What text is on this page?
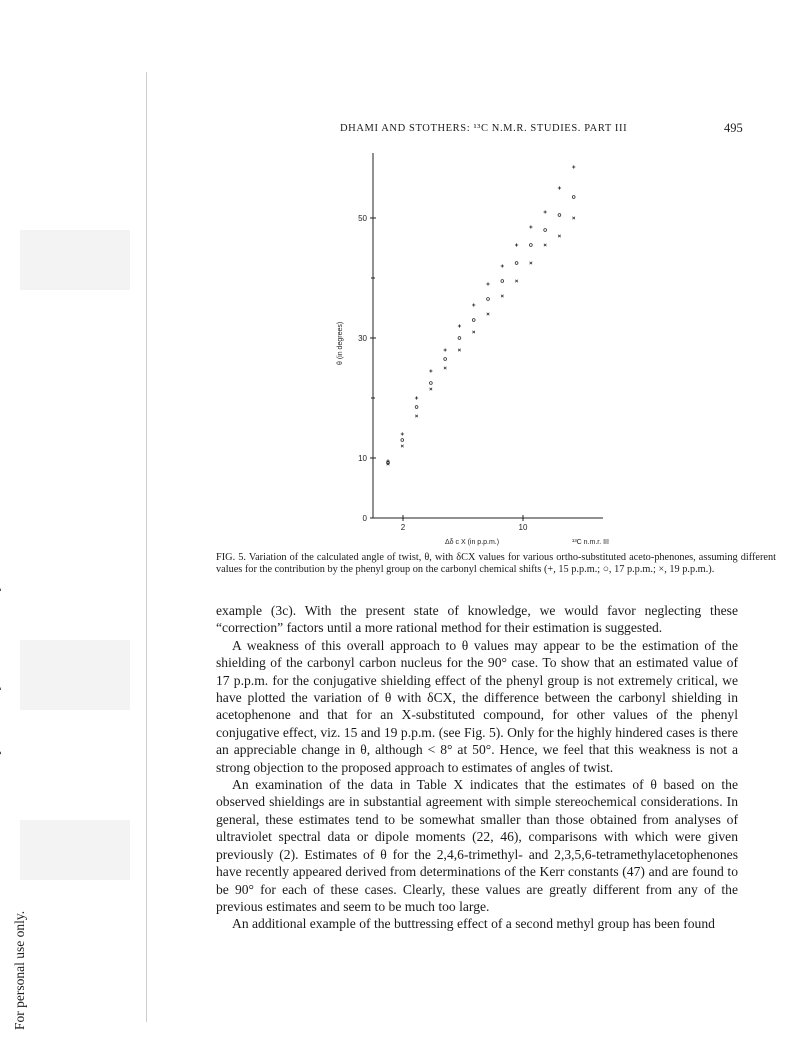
For personal use only.
DHAMI AND STOTHERS: ¹³C N.M.R. STUDIES. PART III	495
0
10
30
50
2	10
θ (in degrees)
Δδ c X (in p.p.m.)	¹³C n.m.r. III
FIG. 5. Variation of the calculated angle of twist, θ, with δCX values for various ortho-substituted aceto-phenones, assuming different values for the contribution by the phenyl group on the carbonyl chemical shifts (+, 15 p.p.m.; ○, 17 p.p.m.; ×, 19 p.p.m.).

example (3c). With the present state of knowledge, we would favor neglecting these “correction” factors until a more rational method for their estimation is suggested.

A weakness of this overall approach to θ values may appear to be the estimation of the shielding of the carbonyl carbon nucleus for the 90° case. To show that an estimated value of 17 p.p.m. for the conjugative shielding effect of the phenyl group is not extremely critical, we have plotted the variation of θ with δCX, the difference between the carbonyl shielding in acetophenone and that for an X-substituted compound, for other values of the phenyl conjugative effect, viz. 15 and 19 p.p.m. (see Fig. 5). Only for the highly hindered cases is there an appreciable change in θ, although < 8° at 50°. Hence, we feel that this weakness is not a strong objection to the proposed approach to estimates of angles of twist.

An examination of the data in Table X indicates that the estimates of θ based on the observed shieldings are in substantial agreement with simple stereochemical considerations. In general, these estimates tend to be somewhat smaller than those obtained from analyses of ultraviolet spectral data or dipole moments (22, 46), comparisons with which were given previously (2). Estimates of θ for the 2,4,6-trimethyl- and 2,3,5,6-tetramethylacetophenones have recently appeared derived from determinations of the Kerr constants (47) and are found to be 90° for each of these cases. Clearly, these values are greatly different from any of the previous estimates and seem to be much too large.

An additional example of the buttressing effect of a second methyl group has been found
